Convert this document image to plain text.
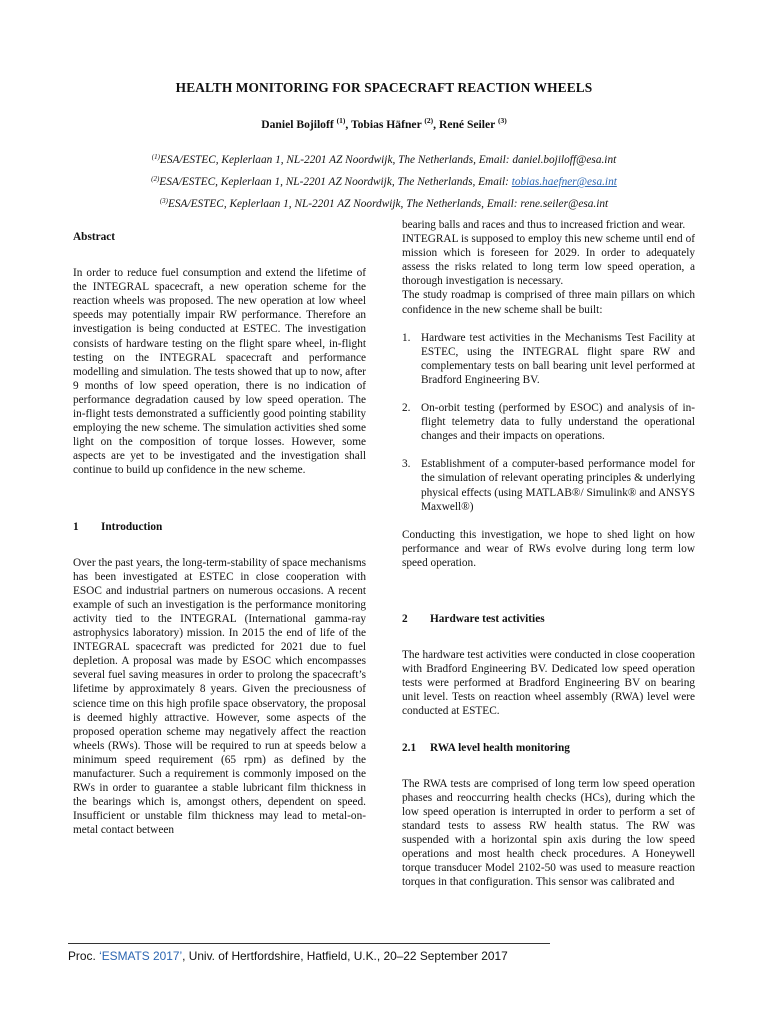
HEALTH MONITORING FOR SPACECRAFT REACTION WHEELS
Daniel Bojiloff $^{(1)}$, Tobias Häfner $^{(2)}$, René Seiler $^{(3)}$
$^{(1)}$ESA/ESTEC, Keplerlaan 1, NL-2201 AZ Noordwijk, The Netherlands, Email: daniel.bojiloff@esa.int
$^{(2)}$ESA/ESTEC, Keplerlaan 1, NL-2201 AZ Noordwijk, The Netherlands, Email: tobias.haefner@esa.int
$^{(3)}$ESA/ESTEC, Keplerlaan 1, NL-2201 AZ Noordwijk, The Netherlands, Email: rene.seiler@esa.int

Abstract

In order to reduce fuel consumption and extend the lifetime of the INTEGRAL spacecraft, a new operation scheme for the reaction wheels was proposed. The new operation at low wheel speeds may potentially impair RW performance. Therefore an investigation is being conducted at ESTEC. The investigation consists of hardware testing on the flight spare wheel, in-flight testing on the INTEGRAL spacecraft and performance modelling and simulation. The tests showed that up to now, after 9 months of low speed operation, there is no indication of performance degradation caused by low speed operation. The in-flight tests demonstrated a sufficiently good pointing stability employing the new scheme. The simulation activities shed some light on the composition of torque losses. However, some aspects are yet to be investigated and the investigation shall continue to build up confidence in the new scheme.

1 Introduction

Over the past years, the long-term-stability of space mechanisms has been investigated at ESTEC in close cooperation with ESOC and industrial partners on numerous occasions. A recent example of such an investigation is the performance monitoring activity tied to the INTEGRAL (International gamma-ray astrophysics laboratory) mission. In 2015 the end of life of the INTEGRAL spacecraft was predicted for 2021 due to fuel depletion. A proposal was made by ESOC which encompasses several fuel saving measures in order to prolong the spacecraft’s lifetime by approximately 8 years. Given the preciousness of science time on this high profile space observatory, the proposal is deemed highly attractive. However, some aspects of the proposed operation scheme may negatively affect the reaction wheels (RWs). Those will be required to run at speeds below a minimum speed requirement (65 rpm) as defined by the manufacturer. Such a requirement is commonly imposed on the RWs in order to guarantee a stable lubricant film thickness in the bearings which is, amongst others, dependent on speed. Insufficient or unstable film thickness may lead to metal-on-metal contact between

bearing balls and races and thus to increased friction and wear.

INTEGRAL is supposed to employ this new scheme until end of mission which is foreseen for 2029. In order to adequately assess the risks related to long term low speed operation, a thorough investigation is necessary.

The study roadmap is comprised of three main pillars on which confidence in the new scheme shall be built:

1. Hardware test activities in the Mechanisms Test Facility at ESTEC, using the INTEGRAL flight spare RW and complementary tests on ball bearing unit level performed at Bradford Engineering BV.
2. On-orbit testing (performed by ESOC) and analysis of in-flight telemetry data to fully understand the operational changes and their impacts on operations.
3. Establishment of a computer-based performance model for the simulation of relevant operating principles & underlying physical effects (using MATLAB®/ Simulink® and ANSYS Maxwell®)

Conducting this investigation, we hope to shed light on how performance and wear of RWs evolve during long term low speed operation.

2 Hardware test activities

The hardware test activities were conducted in close cooperation with Bradford Engineering BV. Dedicated low speed operation tests were performed at Bradford Engineering BV on bearing unit level. Tests on reaction wheel assembly (RWA) level were conducted at ESTEC.

2.1 RWA level health monitoring

The RWA tests are comprised of long term low speed operation phases and reoccurring health checks (HCs), during which the low speed operation is interrupted in order to perform a set of standard tests to assess RW health status. The RW was suspended with a horizontal spin axis during the low speed operations and most health check procedures. A Honeywell torque transducer Model 2102-50 was used to measure reaction torques in that configuration. This sensor was calibrated and

Proc. ‘ESMATS 2017’, Univ. of Hertfordshire, Hatfield, U.K., 20–22 September 2017
